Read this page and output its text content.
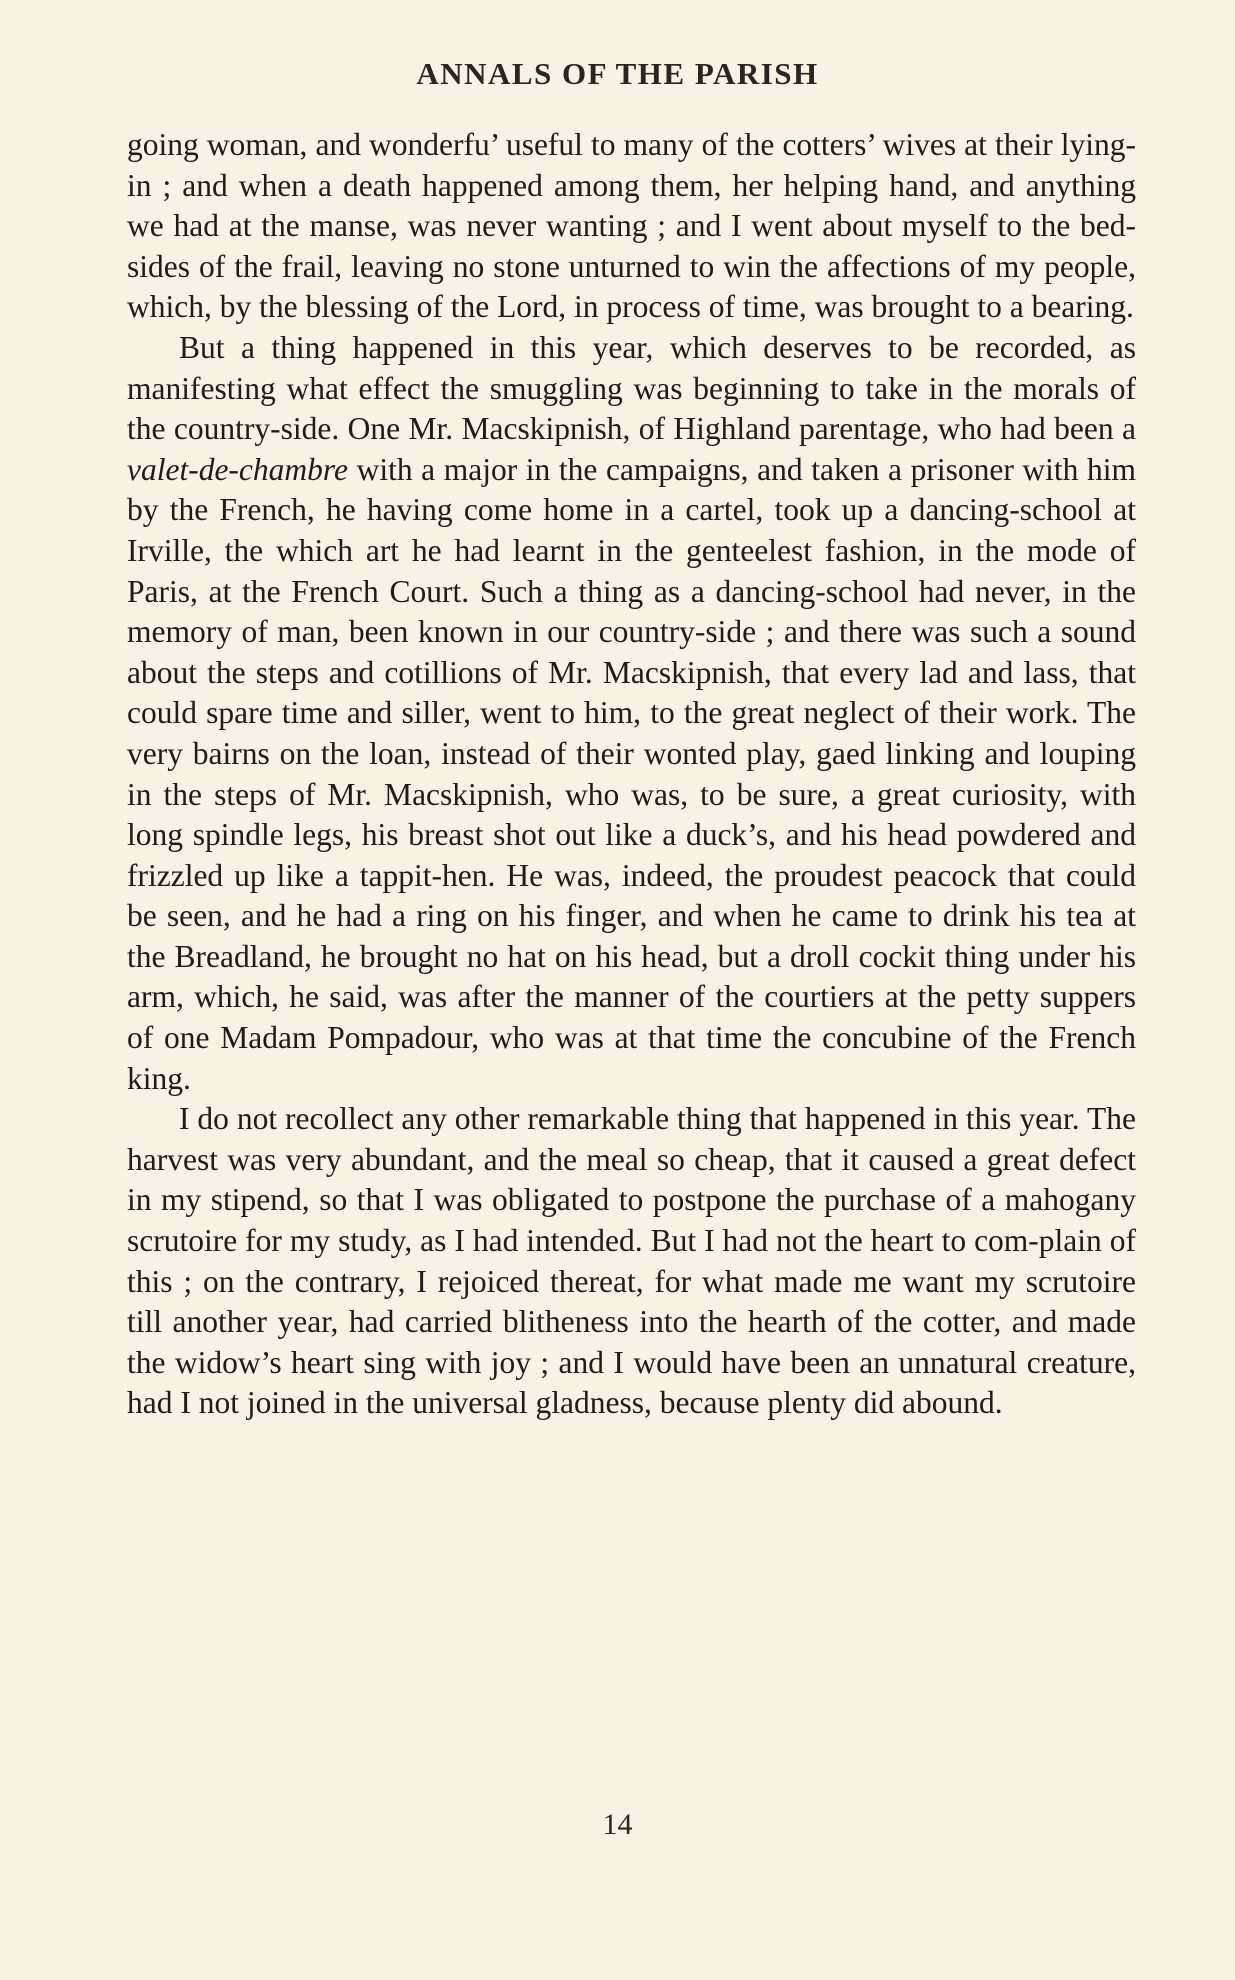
ANNALS OF THE PARISH

going woman, and wonderfu’ useful to many of the cotters’ wives at their lying-in ; and when a death happened among them, her helping hand, and anything we had at the manse, was never wanting ; and I went about myself to the bed-sides of the frail, leaving no stone unturned to win the affections of my people, which, by the blessing of the Lord, in process of time, was brought to a bearing.

But a thing happened in this year, which deserves to be recorded, as manifesting what effect the smuggling was beginning to take in the morals of the country-side. One Mr. Macskipnish, of Highland parentage, who had been a valet-de-chambre with a major in the campaigns, and taken a prisoner with him by the French, he having come home in a cartel, took up a dancing-school at Irville, the which art he had learnt in the genteelest fashion, in the mode of Paris, at the French Court. Such a thing as a dancing-school had never, in the memory of man, been known in our country-side ; and there was such a sound about the steps and cotillions of Mr. Macskipnish, that every lad and lass, that could spare time and siller, went to him, to the great neglect of their work. The very bairns on the loan, instead of their wonted play, gaed linking and louping in the steps of Mr. Macskipnish, who was, to be sure, a great curiosity, with long spindle legs, his breast shot out like a duck’s, and his head powdered and frizzled up like a tappit-hen. He was, indeed, the proudest peacock that could be seen, and he had a ring on his finger, and when he came to drink his tea at the Breadland, he brought no hat on his head, but a droll cockit thing under his arm, which, he said, was after the manner of the courtiers at the petty suppers of one Madam Pompadour, who was at that time the concubine of the French king.

I do not recollect any other remarkable thing that happened in this year. The harvest was very abundant, and the meal so cheap, that it caused a great defect in my stipend, so that I was obligated to postpone the purchase of a mahogany scrutoire for my study, as I had intended. But I had not the heart to com-plain of this ; on the contrary, I rejoiced thereat, for what made me want my scrutoire till another year, had carried blitheness into the hearth of the cotter, and made the widow’s heart sing with joy ; and I would have been an unnatural creature, had I not joined in the universal gladness, because plenty did abound.

14
